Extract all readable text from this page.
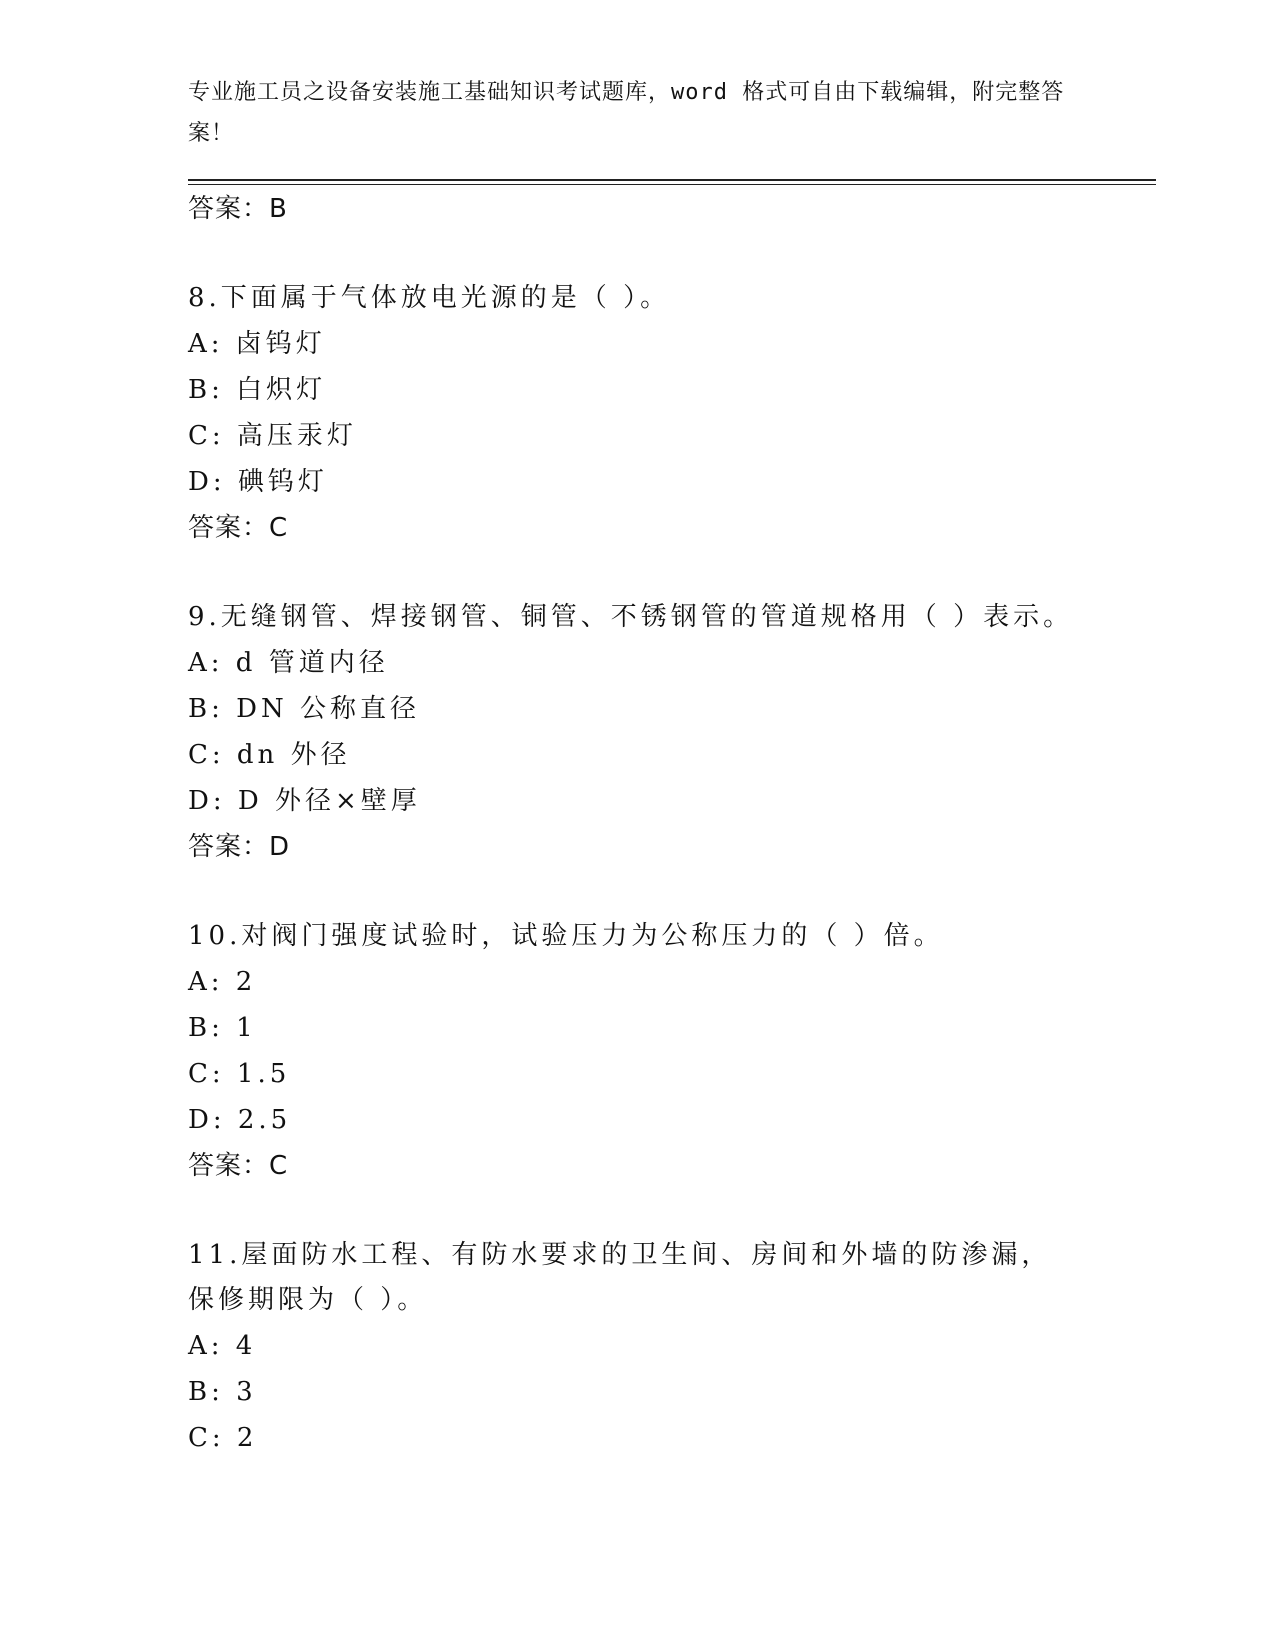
专业施工员之设备安装施工基础知识考试题库，word 格式可自由下载编辑，附完整答案！
答案：B
8.下面属于气体放电光源的是（ ）。
A: 卤钨灯
B: 白炽灯
C: 高压汞灯
D: 碘钨灯
答案：C
9.无缝钢管、焊接钢管、铜管、不锈钢管的管道规格用（ ）表示。
A: d 管道内径
B: DN 公称直径
C: dn 外径
D: D 外径×壁厚
答案：D
10.对阀门强度试验时，试验压力为公称压力的（ ）倍。
A: 2
B: 1
C: 1.5
D: 2.5
答案：C
11.屋面防水工程、有防水要求的卫生间、房间和外墙的防渗漏，保修期限为（ ）。
A: 4
B: 3
C: 2
